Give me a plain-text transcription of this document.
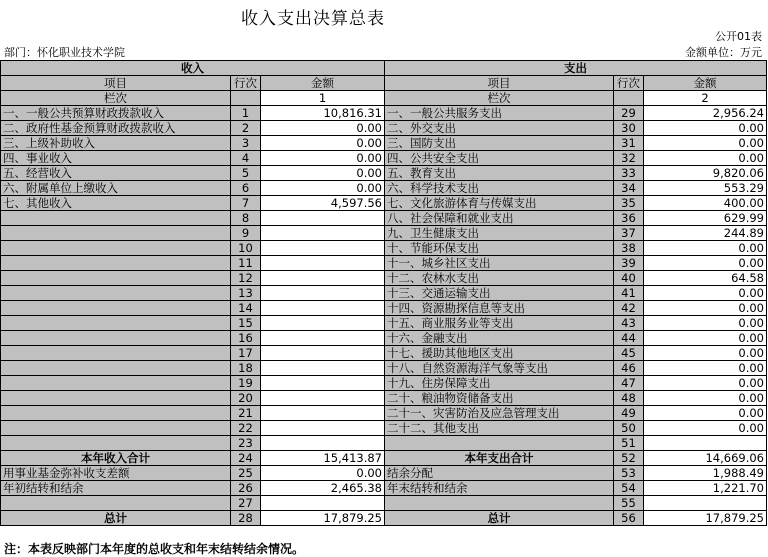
收入支出决算总表
公开01表
部门：怀化职业技术学院	金额单位：万元
收入			支出		
项目	行次	金额	项目	行次	金额
栏次		1	栏次		2
一、一般公共预算财政拨款收入	1	10,816.31	一、一般公共服务支出	29	2,956.24
二、政府性基金预算财政拨款收入	2	0.00	二、外交支出	30	0.00
三、上级补助收入	3	0.00	三、国防支出	31	0.00
四、事业收入	4	0.00	四、公共安全支出	32	0.00
五、经营收入	5	0.00	五、教育支出	33	9,820.06
六、附属单位上缴收入	6	0.00	六、科学技术支出	34	553.29
七、其他收入	7	4,597.56	七、文化旅游体育与传媒支出	35	400.00
	8		八、社会保障和就业支出	36	629.99
	9		九、卫生健康支出	37	244.89
	10		十、节能环保支出	38	0.00
	11		十一、城乡社区支出	39	0.00
	12		十二、农林水支出	40	64.58
	13		十三、交通运输支出	41	0.00
	14		十四、资源勘探信息等支出	42	0.00
	15		十五、商业服务业等支出	43	0.00
	16		十六、金融支出	44	0.00
	17		十七、援助其他地区支出	45	0.00
	18		十八、自然资源海洋气象等支出	46	0.00
	19		十九、住房保障支出	47	0.00
	20		二十、粮油物资储备支出	48	0.00
	21		二十一、灾害防治及应急管理支出	49	0.00
	22		二十二、其他支出	50	0.00
	23			51	
本年收入合计	24	15,413.87	本年支出合计	52	14,669.06
用事业基金弥补收支差额	25	0.00	结余分配	53	1,988.49
年初结转和结余	26	2,465.38	年末结转和结余	54	1,221.70
	27			55	
总计	28	17,879.25	总计	56	17,879.25
注：本表反映部门本年度的总收支和年末结转结余情况。
